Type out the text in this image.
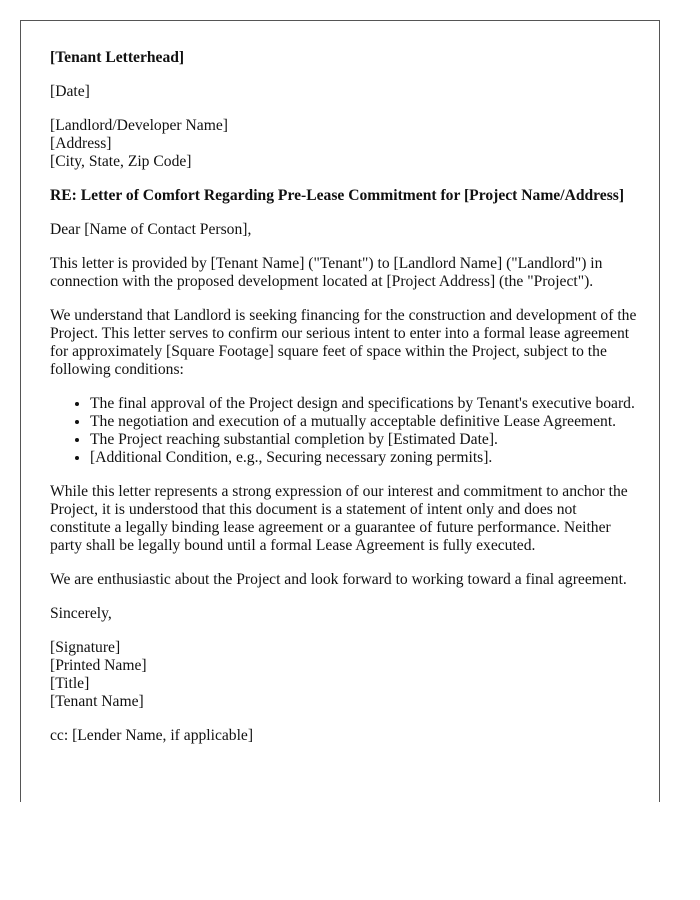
[Tenant Letterhead]

[Date]

[Landlord/Developer Name]
[Address]
[City, State, Zip Code]

RE: Letter of Comfort Regarding Pre-Lease Commitment for [Project Name/Address]

Dear [Name of Contact Person],

This letter is provided by [Tenant Name] ("Tenant") to [Landlord Name] ("Landlord") in connection with the proposed development located at [Project Address] (the "Project").

We understand that Landlord is seeking financing for the construction and development of the Project. This letter serves to confirm our serious intent to enter into a formal lease agreement for approximately [Square Footage] square feet of space within the Project, subject to the following conditions:

• The final approval of the Project design and specifications by Tenant's executive board.
• The negotiation and execution of a mutually acceptable definitive Lease Agreement.
• The Project reaching substantial completion by [Estimated Date].
• [Additional Condition, e.g., Securing necessary zoning permits].

While this letter represents a strong expression of our interest and commitment to anchor the Project, it is understood that this document is a statement of intent only and does not constitute a legally binding lease agreement or a guarantee of future performance. Neither party shall be legally bound until a formal Lease Agreement is fully executed.

We are enthusiastic about the Project and look forward to working toward a final agreement.

Sincerely,

[Signature]
[Printed Name]
[Title]
[Tenant Name]

cc: [Lender Name, if applicable]
